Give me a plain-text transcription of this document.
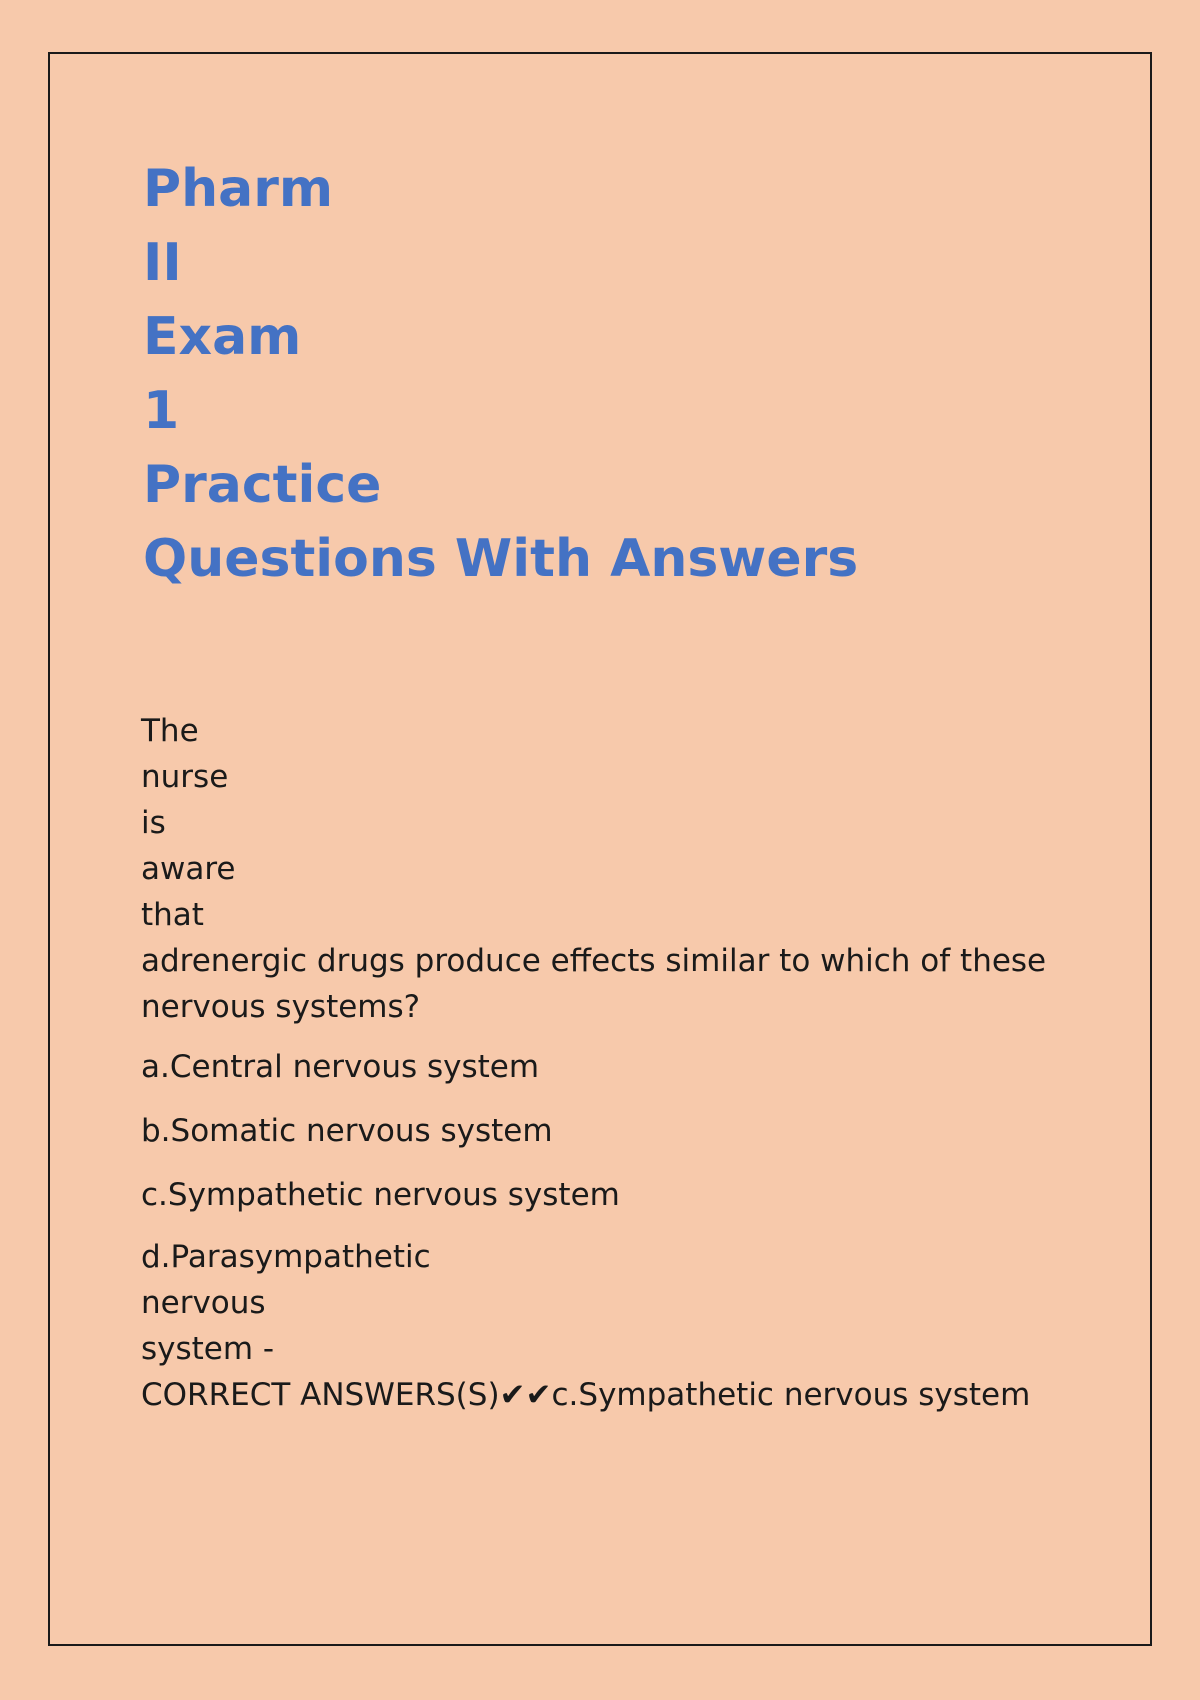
Pharm
II
Exam
1
Practice
Questions With Answers

The
nurse
is
aware
that
adrenergic drugs produce effects similar to which of these
nervous systems?

a.Central nervous system
b.Somatic nervous system
c.Sympathetic nervous system

d.Parasympathetic
nervous
system -
CORRECT ANSWERS(S)✔✔c.Sympathetic nervous system
